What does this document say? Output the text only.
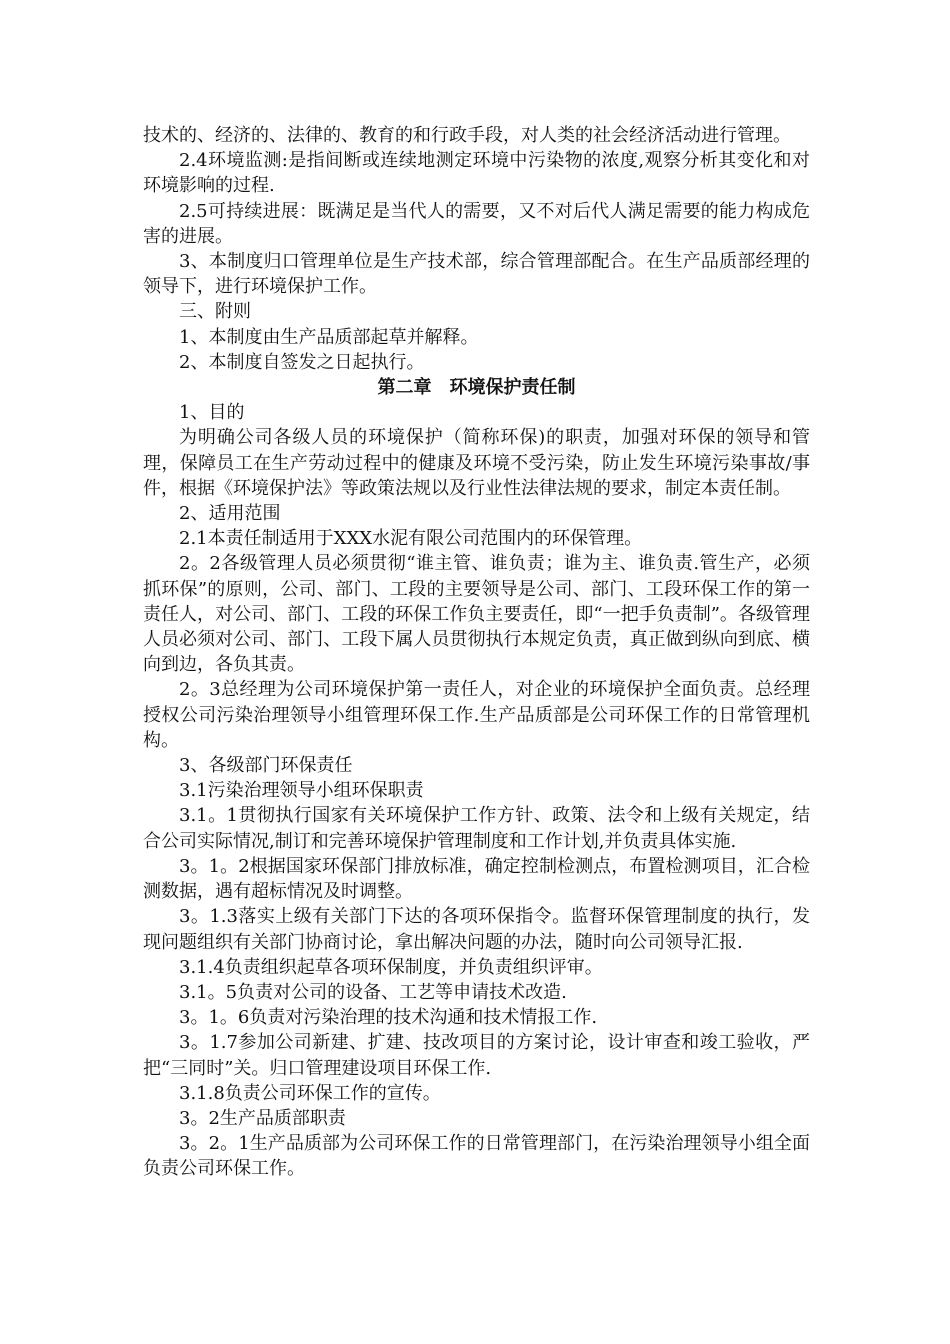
技术的、经济的、法律的、教育的和行政手段，对人类的社会经济活动进行管理。

2.4环境监测:是指间断或连续地测定环境中污染物的浓度,观察分析其变化和对环境影响的过程.

2.5可持续进展：既满足是当代人的需要，又不对后代人满足需要的能力构成危害的进展。

3、本制度归口管理单位是生产技术部，综合管理部配合。在生产品质部经理的领导下，进行环境保护工作。

三、附则

1、本制度由生产品质部起草并解释。

2、本制度自签发之日起执行。

第二章　环境保护责任制

1、目的

为明确公司各级人员的环境保护（简称环保)的职责，加强对环保的领导和管理，保障员工在生产劳动过程中的健康及环境不受污染，防止发生环境污染事故/事件，根据《环境保护法》等政策法规以及行业性法律法规的要求，制定本责任制。

2、适用范围

2.1本责任制适用于XXX水泥有限公司范围内的环保管理。

2。2各级管理人员必须贯彻“谁主管、谁负责；谁为主、谁负责.管生产，必须抓环保”的原则，公司、部门、工段的主要领导是公司、部门、工段环保工作的第一责任人，对公司、部门、工段的环保工作负主要责任，即“一把手负责制”。各级管理人员必须对公司、部门、工段下属人员贯彻执行本规定负责，真正做到纵向到底、横向到边，各负其责。

2。3总经理为公司环境保护第一责任人，对企业的环境保护全面负责。总经理授权公司污染治理领导小组管理环保工作.生产品质部是公司环保工作的日常管理机构。

3、各级部门环保责任

3.1污染治理领导小组环保职责

3.1。1贯彻执行国家有关环境保护工作方针、政策、法令和上级有关规定，结合公司实际情况,制订和完善环境保护管理制度和工作计划,并负责具体实施.

3。1。2根据国家环保部门排放标准，确定控制检测点，布置检测项目，汇合检测数据，遇有超标情况及时调整。

3。1.3落实上级有关部门下达的各项环保指令。监督环保管理制度的执行，发现问题组织有关部门协商讨论，拿出解决问题的办法，随时向公司领导汇报.

3.1.4负责组织起草各项环保制度，并负责组织评审。

3.1。5负责对公司的设备、工艺等申请技术改造.

3。1。6负责对污染治理的技术沟通和技术情报工作.

3。1.7参加公司新建、扩建、技改项目的方案讨论，设计审查和竣工验收，严把“三同时”关。归口管理建设项目环保工作.

3.1.8负责公司环保工作的宣传。

3。2生产品质部职责

3。2。1生产品质部为公司环保工作的日常管理部门，在污染治理领导小组全面负责公司环保工作。
